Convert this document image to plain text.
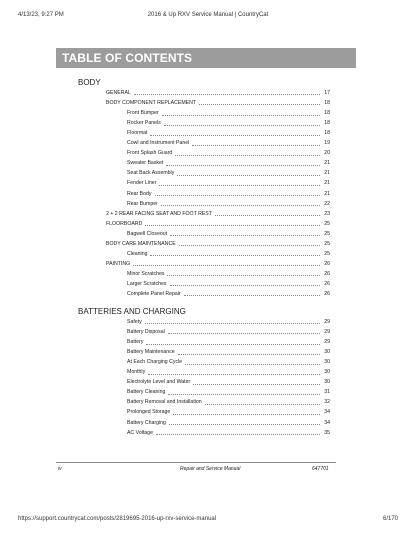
4/13/23, 9:27 PM	2016 & Up RXV Service Manual | CountryCat
TABLE OF CONTENTS
BODY
GENERAL	17
BODY COMPONENT REPLACEMENT	18
Front Bumper	18
Rocker Panels	18
Floormat	18
Cowl and Instrument Panel	19
Front Splash Guard	20
Sweater Basket	21
Seat Back Assembly	21
Fender Liner	21
Rear Body	21
Rear Bumper	22
2 + 2 REAR FACING SEAT AND FOOT REST	23
FLOORBOARD	25
Bagwell Closeout	25
BODY CARE MAINTENANCE	25
Cleaning	25
PAINTING	26
Minor Scratches	26
Larger Scratches	26
Complete Panel Repair	26
BATTERIES AND CHARGING
Safety	29
Battery Disposal	29
Battery	29
Battery Maintenance	30
At Each Charging Cycle	30
Monthly	30
Electrolyte Level and Water	30
Battery Cleaning	31
Battery Removal and Installation	32
Prolonged Storage	34
Battery Charging	34
AC Voltage	35
iv	Repair and Service Manual	647701
https://support.countrycat.com/posts/2819695-2016-up-rxv-service-manual	6/170
